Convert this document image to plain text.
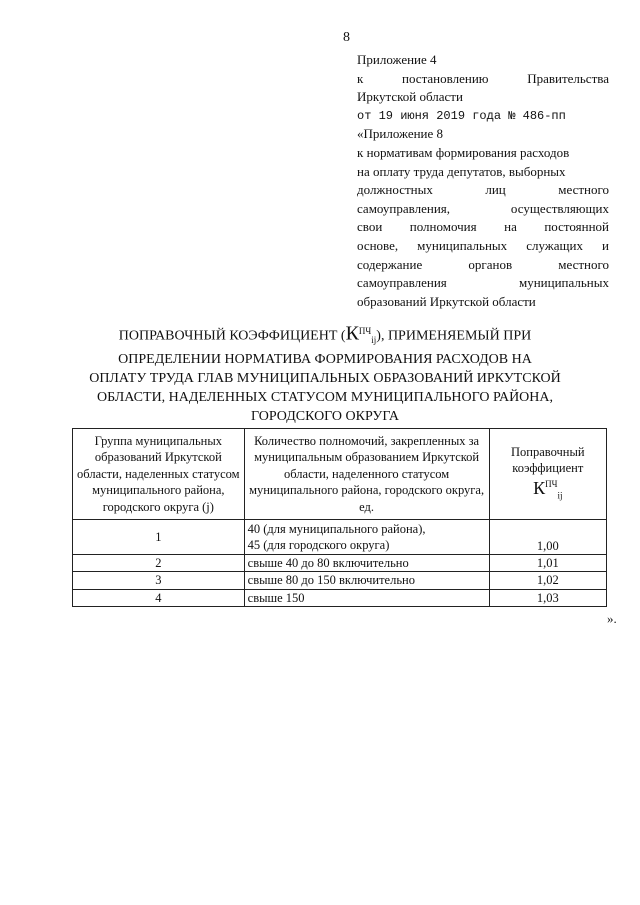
8
Приложение 4
к постановлению Правительства
Иркутской области
от 19 июня 2019 года № 486-пп
«Приложение 8
к нормативам формирования расходов
на оплату труда депутатов, выборных
должностных лиц местного
самоуправления, осуществляющих
свои полномочия на постоянной
основе, муниципальных служащих и
содержание органов местного
самоуправления муниципальных
образований Иркутской области
ПОПРАВОЧНЫЙ КОЭФФИЦИЕНТ $(К^{ПЧ}_{ij})$, ПРИМЕНЯЕМЫЙ ПРИ
ОПРЕДЕЛЕНИИ НОРМАТИВА ФОРМИРОВАНИЯ РАСХОДОВ НА
ОПЛАТУ ТРУДА ГЛАВ МУНИЦИПАЛЬНЫХ ОБРАЗОВАНИЙ ИРКУТСКОЙ
ОБЛАСТИ, НАДЕЛЕННЫХ СТАТУСОМ МУНИЦИПАЛЬНОГО РАЙОНА,
ГОРОДСКОГО ОКРУГА
Группа муниципальных образований Иркутской области, наделенных статусом муниципального района, городского округа (j)	Количество полномочий, закрепленных за муниципальным образованием Иркутской области, наделенного статусом муниципального района, городского округа, ед.	Поправочный коэффициент
$К^{ПЧ}_{ij}$

1	40 (для муниципального района),
45 (для городского округа)	1,00
2	свыше 40 до 80 включительно	1,01
3	свыше 80 до 150 включительно	1,02
4	свыше 150	1,03
».
